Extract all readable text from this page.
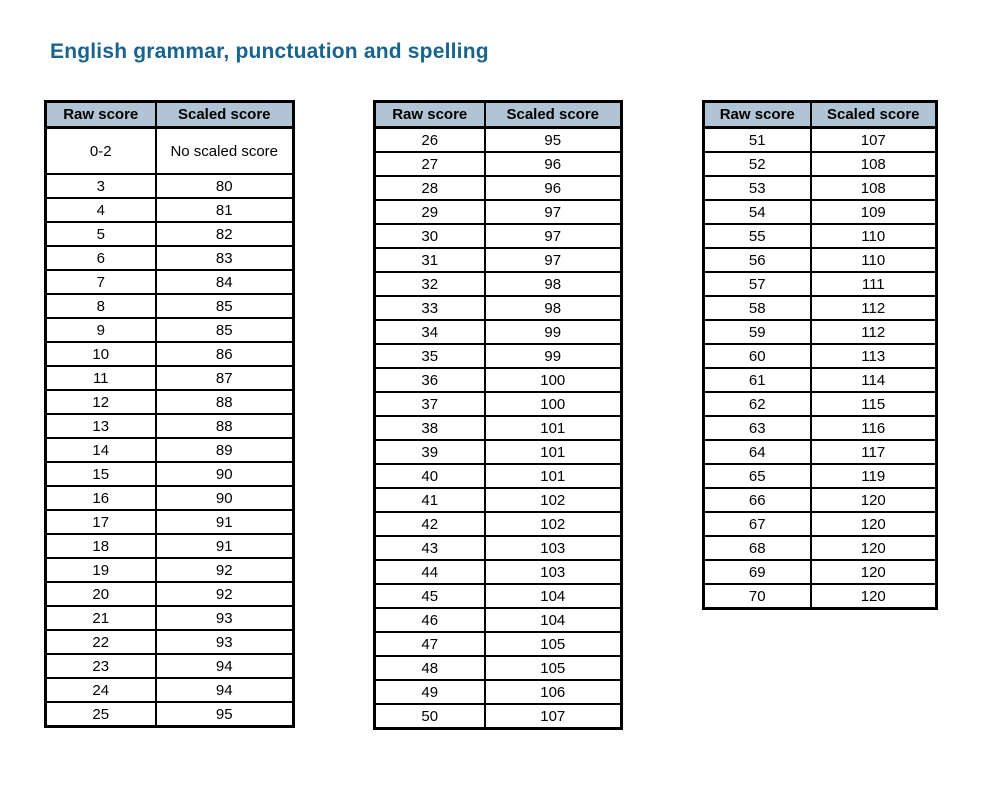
English grammar, punctuation and spelling
Raw score	Scaled score
0-2	No scaled score
3	80
4	81
5	82
6	83
7	84
8	85
9	85
10	86
11	87
12	88
13	88
14	89
15	90
16	90
17	91
18	91
19	92
20	92
21	93
22	93
23	94
24	94
25	95
Raw score	Scaled score
26	95
27	96
28	96
29	97
30	97
31	97
32	98
33	98
34	99
35	99
36	100
37	100
38	101
39	101
40	101
41	102
42	102
43	103
44	103
45	104
46	104
47	105
48	105
49	106
50	107
Raw score	Scaled score
51	107
52	108
53	108
54	109
55	110
56	110
57	111
58	112
59	112
60	113
61	114
62	115
63	116
64	117
65	119
66	120
67	120
68	120
69	120
70	120
